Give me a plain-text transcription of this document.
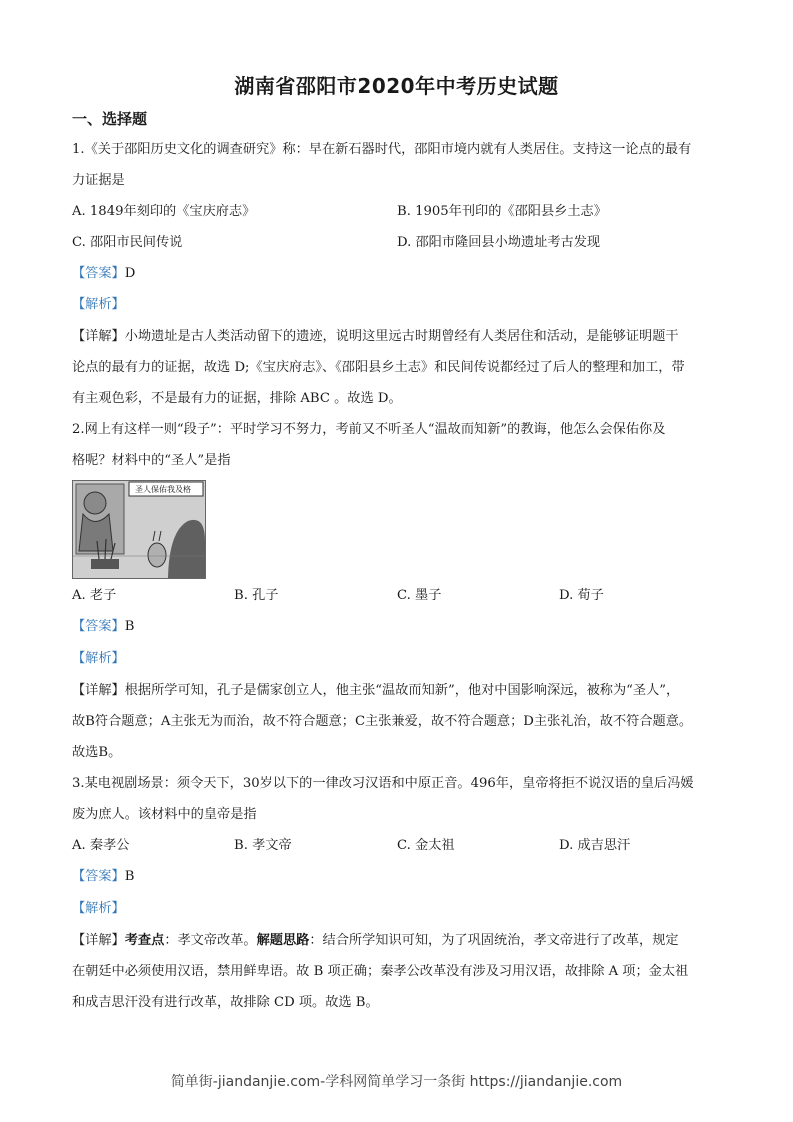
湖南省邵阳市2020年中考历史试题
一、选择题
1.《关于邵阳历史文化的调查研究》称：早在新石器时代，邵阳市境内就有人类居住。支持这一论点的最有
力证据是
A. 1849年刻印的《宝庆府志》	B. 1905年刊印的《邵阳县乡土志》
C. 邵阳市民间传说	D. 邵阳市隆回县小坳遗址考古发现
【答案】D
【解析】
【详解】小坳遗址是古人类活动留下的遗迹，说明这里远古时期曾经有人类居住和活动，是能够证明题干
论点的最有力的证据，故选 D;《宝庆府志》、《邵阳县乡土志》和民间传说都经过了后人的整理和加工，带
有主观色彩，不是最有力的证据，排除 ABC 。故选 D。
2.网上有这样一则“段子”：平时学习不努力，考前又不听圣人“温故而知新”的教诲，他怎么会保佑你及
格呢？材料中的“圣人”是指
圣人保佑我及格
A. 老子	B. 孔子	C. 墨子	D. 荀子
【答案】B
【解析】
【详解】根据所学可知，孔子是儒家创立人，他主张“温故而知新”，他对中国影响深远，被称为“圣人”，
故B符合题意；A主张无为而治，故不符合题意；C主张兼爱，故不符合题意；D主张礼治，故不符合题意。
故选B。
3.某电视剧场景：须令天下，30岁以下的一律改习汉语和中原正音。496年，皇帝将拒不说汉语的皇后冯媛
废为庶人。该材料中的皇帝是指
A. 秦孝公	B. 孝文帝	C. 金太祖	D. 成吉思汗
【答案】B
【解析】
【详解】考查点：孝文帝改革。解题思路：结合所学知识可知，为了巩固统治，孝文帝进行了改革，规定
在朝廷中必须使用汉语，禁用鲜卑语。故 B 项正确；秦孝公改革没有涉及习用汉语，故排除 A 项；金太祖
和成吉思汗没有进行改革，故排除 CD 项。故选 B。
简单街-jiandanjie.com-学科网简单学习一条街 https://jiandanjie.com
